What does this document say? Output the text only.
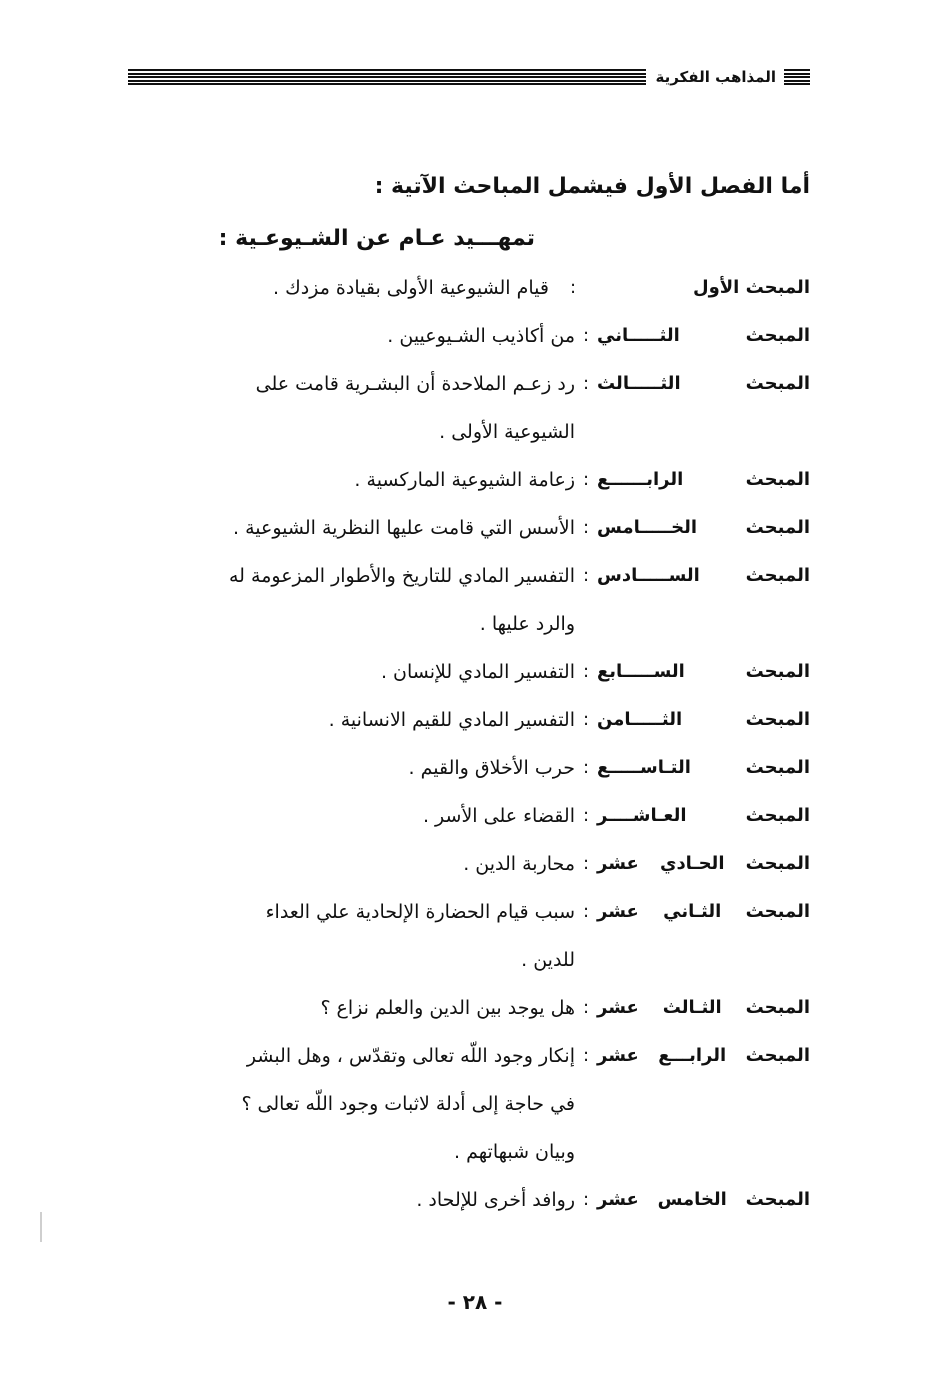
المذاهب الفكرية
أما الفصل الأول فيشمل المباحث الآتية :
تمهـــيد عـام عن الشـيوعـية :
المبحث الأول
:
قيام الشيوعية الأولى بقيادة مزدك .
المبحث الثـــــاني
:
من أكاذيب الشـيوعيين .
المبحث الثـــــالث
:
رد زعـم الملاحدة أن البشـرية قامت على
الشيوعية الأولى .
المبحث الرابــــــع
:
زعامة الشيوعية الماركسية .
المبحث الخـــــامس
:
الأسس التي قامت عليها النظرية الشيوعية .
المبحث الســـــادس
:
التفسير المادي للتاريخ والأطوار المزعومة له
والرد عليها .
المبحث الســـــابع
:
التفسير المادي للإنسان .
المبحث الثـــــامن
:
التفسير المادي للقيم الانسانية .
المبحث التـاســـــع
:
حرب الأخلاق والقيم .
المبحث العـاشــــر
:
القضاء على الأسر .
المبحث الحـادي عشر
:
محاربة الدين .
المبحث الثـاني عشر
:
سبب قيام الحضارة الإلحادية علي العداء
للدين .
المبحث الثـالث عشر
:
هل يوجد بين الدين والعلم نزاع ؟
المبحث الرابـــع عشر
:
إنكار وجود اللّه تعالى وتقدّس ، وهل البشر
في حاجة إلى أدلة لاثبات وجود اللّه تعالى ؟
وبيان شبهاتهم .
المبحث الخامس عشر
:
روافد أخرى للإلحاد .
- ٢٨ -
